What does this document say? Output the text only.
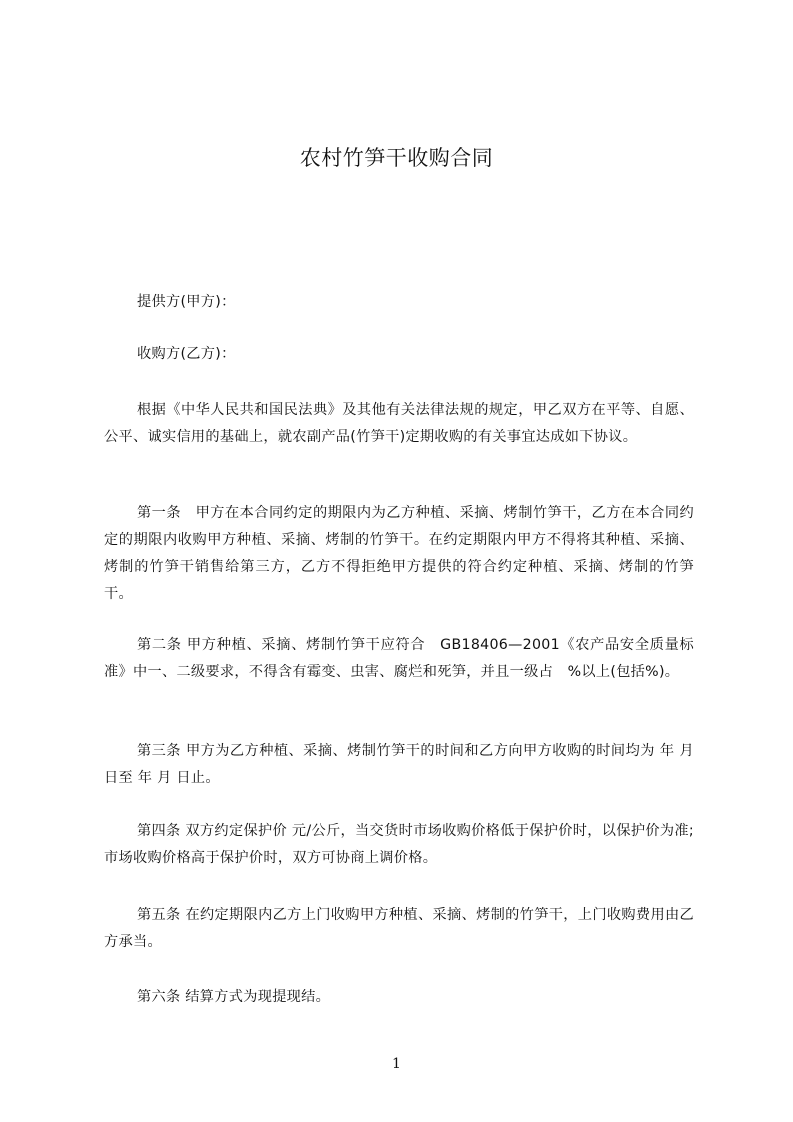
农村竹笋干收购合同

提供方(甲方)：

收购方(乙方)：

根据《中华人民共和国民法典》及其他有关法律法规的规定，甲乙双方在平等、自愿、公平、诚实信用的基础上，就农副产品(竹笋干)定期收购的有关事宜达成如下协议。

第一条　甲方在本合同约定的期限内为乙方种植、采摘、烤制竹笋干，乙方在本合同约定的期限内收购甲方种植、采摘、烤制的竹笋干。在约定期限内甲方不得将其种植、采摘、烤制的竹笋干销售给第三方，乙方不得拒绝甲方提供的符合约定种植、采摘、烤制的竹笋干。

第二条 甲方种植、采摘、烤制竹笋干应符合　GB18406—2001《农产品安全质量标准》中一、二级要求，不得含有霉变、虫害、腐烂和死笋，并且一级占　%以上(包括%)。

第三条 甲方为乙方种植、采摘、烤制竹笋干的时间和乙方向甲方收购的时间均为 年 月 日至 年 月 日止。

第四条 双方约定保护价 元/公斤，当交货时市场收购价格低于保护价时，以保护价为准;市场收购价格高于保护价时，双方可协商上调价格。

第五条 在约定期限内乙方上门收购甲方种植、采摘、烤制的竹笋干，上门收购费用由乙方承当。

第六条 结算方式为现提现结。

1
